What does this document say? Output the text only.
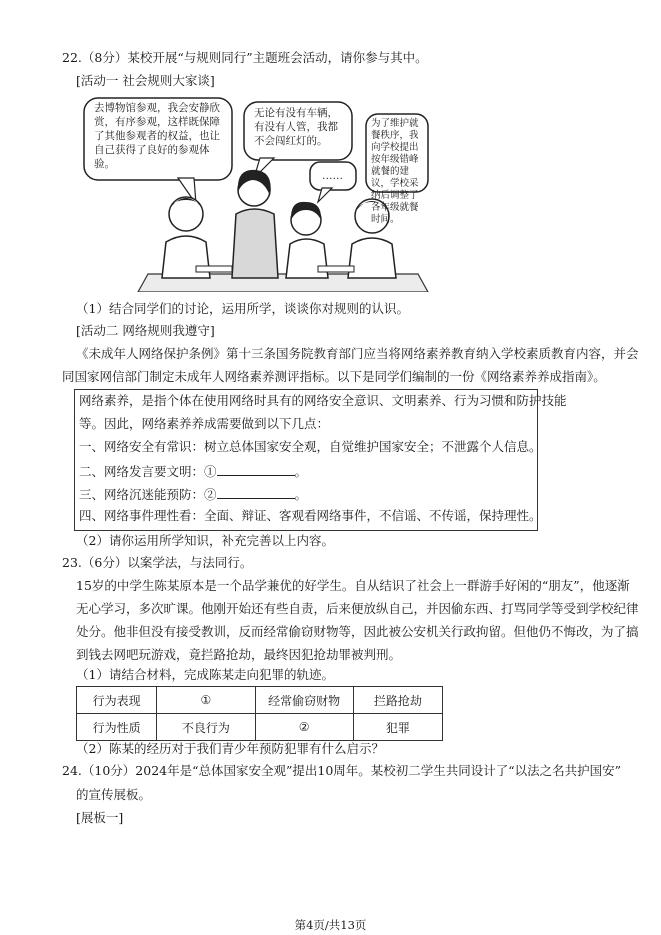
22.（8分）某校开展“与规则同行”主题班会活动，请你参与其中。
[活动一 社会规则大家谈]
去博物馆参观，我会安静欣赏，有序参观，这样既保障了其他参观者的权益，也让自己获得了良好的参观体验。
无论有没有车辆，有没有人管，我都不会闯红灯的。
……
为了维护就餐秩序，我向学校提出按年级错峰就餐的建议，学校采纳后调整了各年级就餐时间。
（1）结合同学们的讨论，运用所学，谈谈你对规则的认识。
[活动二 网络规则我遵守]
《未成年人网络保护条例》第十三条国务院教育部门应当将网络素养教育纳入学校素质教育内容，并会
同国家网信部门制定未成年人网络素养测评指标。以下是同学们编制的一份《网络素养养成指南》。
网络素养，是指个体在使用网络时具有的网络安全意识、文明素养、行为习惯和防护技能
等。因此，网络素养养成需要做到以下几点：
一、网络安全有常识：树立总体国家安全观，自觉维护国家安全；不泄露个人信息。
二、网络发言要文明：①	。
三、网络沉迷能预防：②	。
四、网络事件理性看：全面、辩证、客观看网络事件，不信谣、不传谣，保持理性。
（2）请你运用所学知识，补充完善以上内容。
23.（6分）以案学法，与法同行。
15岁的中学生陈某原本是一个品学兼优的好学生。自从结识了社会上一群游手好闲的“朋友”，他逐渐
无心学习，多次旷课。他刚开始还有些自责，后来便放纵自己，并因偷东西、打骂同学等受到学校纪律
处分。他非但没有接受教训，反而经常偷窃财物等，因此被公安机关行政拘留。但他仍不悔改，为了搞
到钱去网吧玩游戏，竟拦路抢劫，最终因犯抢劫罪被判刑。
（1）请结合材料，完成陈某走向犯罪的轨迹。
行为表现	①	经常偷窃财物	拦路抢劫
行为性质	不良行为	②	犯罪
（2）陈某的经历对于我们青少年预防犯罪有什么启示？
24.（10分）2024年是“总体国家安全观”提出10周年。某校初二学生共同设计了“以法之名共护国安”
的宣传展板。
[展板一]
第4页/共13页
